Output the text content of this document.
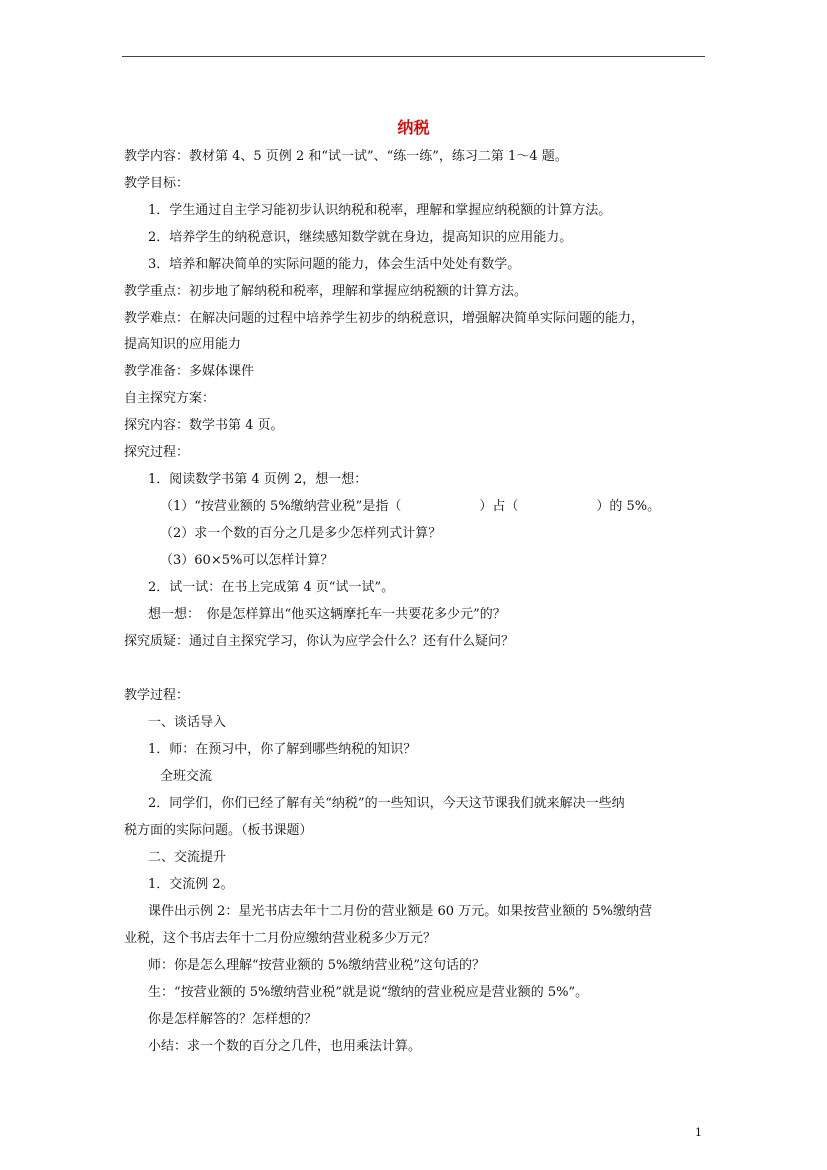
纳税

教学内容：教材第 4、5 页例 2 和“试一试”、“练一练”，练习二第 1～4 题。

教学目标：

1．学生通过自主学习能初步认识纳税和税率，理解和掌握应纳税额的计算方法。

2．培养学生的纳税意识，继续感知数学就在身边，提高知识的应用能力。

3．培养和解决简单的实际问题的能力，体会生活中处处有数学。

教学重点：初步地了解纳税和税率，理解和掌握应纳税额的计算方法。

教学难点：在解决问题的过程中培养学生初步的纳税意识，增强解决简单实际问题的能力，

提高知识的应用能力

教学准备：多媒体课件

自主探究方案：

探究内容：数学书第 4 页。

探究过程：

1．阅读数学书第 4 页例 2，想一想：

（1）“按营业额的 5%缴纳营业税”是指（　　　　　　）占（　　　　　　）的 5%。

（2）求一个数的百分之几是多少怎样列式计算？

（3）60×5%可以怎样计算？

2．试一试：在书上完成第 4 页“试一试”。

想一想：　你是怎样算出“他买这辆摩托车一共要花多少元”的？

探究质疑：通过自主探究学习，你认为应学会什么？还有什么疑问？

教学过程：

一、谈话导入

1．师：在预习中，你了解到哪些纳税的知识？

全班交流

2．同学们，你们已经了解有关“纳税”的一些知识，今天这节课我们就来解决一些纳

税方面的实际问题。（板书课题）

二、交流提升

1．交流例 2。

课件出示例 2：星光书店去年十二月份的营业额是 60 万元。如果按营业额的 5%缴纳营

业税，这个书店去年十二月份应缴纳营业税多少万元？

师：你是怎么理解“按营业额的 5%缴纳营业税”这句话的？

生：“按营业额的 5%缴纳营业税”就是说“缴纳的营业税应是营业额的 5%”。

你是怎样解答的？怎样想的？

小结：求一个数的百分之几件，也用乘法计算。

1
